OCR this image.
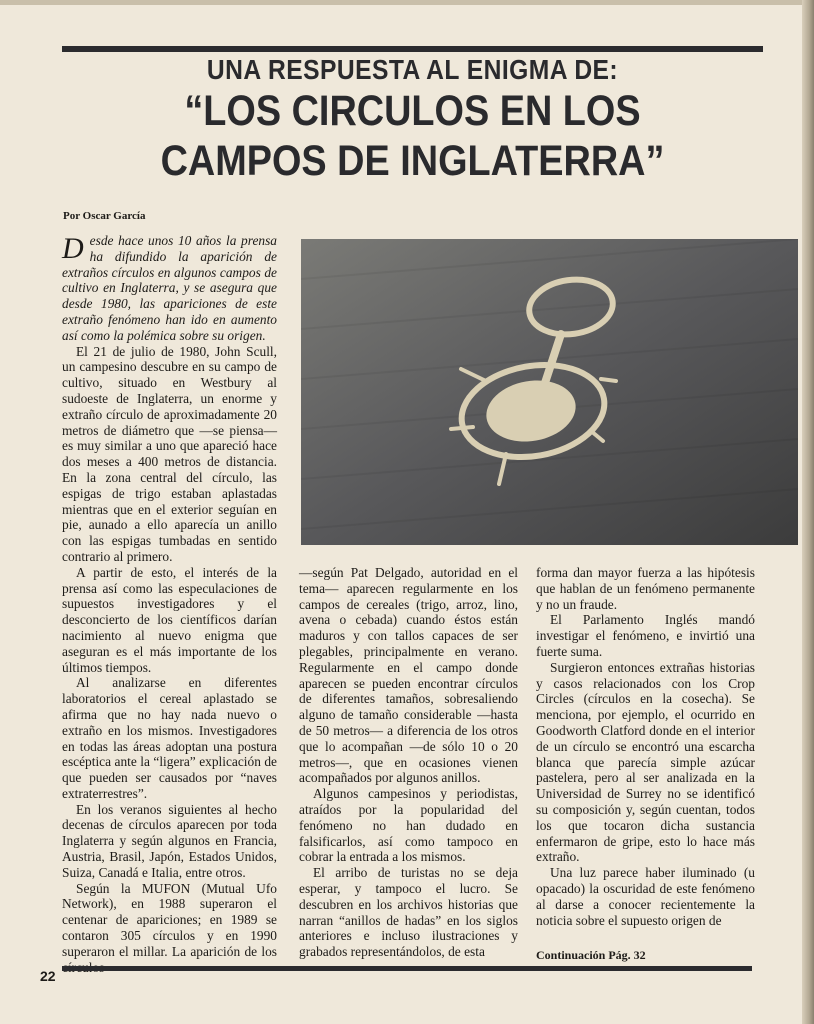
UNA RESPUESTA AL ENIGMA DE:
“LOS CIRCULOS EN LOS CAMPOS DE INGLATERRA”
Por Oscar García

Desde hace unos 10 años la prensa ha difundido la aparición de extraños círculos en algunos campos de cultivo en Inglaterra, y se asegura que desde 1980, las apariciones de este extraño fenómeno han ido en aumento así como la polémica sobre su origen.

El 21 de julio de 1980, John Scull, un campesino descubre en su campo de cultivo, situado en Westbury al sudoeste de Inglaterra, un enorme y extraño círculo de aproximadamente 20 metros de diámetro que —se piensa— es muy similar a uno que apareció hace dos meses a 400 metros de distancia. En la zona central del círculo, las espigas de trigo estaban aplastadas mientras que en el exterior seguían en pie, aunado a ello aparecía un anillo con las espigas tumbadas en sentido contrario al primero.

A partir de esto, el interés de la prensa así como las especulaciones de supuestos investigadores y el desconcierto de los científicos darían nacimiento al nuevo enigma que aseguran es el más importante de los últimos tiempos.

Al analizarse en diferentes laboratorios el cereal aplastado se afirma que no hay nada nuevo o extraño en los mismos. Investigadores en todas las áreas adoptan una postura escéptica ante la “ligera” explicación de que pueden ser causados por “naves extraterrestres”.

En los veranos siguientes al hecho decenas de círculos aparecen por toda Inglaterra y según algunos en Francia, Austria, Brasil, Japón, Estados Unidos, Suiza, Canadá e Italia, entre otros.

Según la MUFON (Mutual Ufo Network), en 1988 superaron el centenar de apariciones; en 1989 se contaron 305 círculos y en 1990 superaron el millar. La aparición de los

—según Pat Delgado, autoridad en el tema— aparecen regularmente en los campos de cereales (trigo, arroz, lino, avena o cebada) cuando éstos están maduros y con tallos capaces de ser plegables, principalmente en verano. Regularmente en el campo donde aparecen se pueden encontrar círculos de diferentes tamaños, sobresaliendo alguno de tamaño considerable —hasta de 50 metros— a diferencia de los otros que lo acompañan —de sólo 10 o 20 metros—, que en ocasiones vienen acompañados por algunos anillos.

Algunos campesinos y periodistas, atraídos por la popularidad del fenómeno no han dudado en falsificarlos, así como tampoco en cobrar la entrada a los mismos.

El arribo de turistas no se deja esperar, y tampoco el lucro. Se descubren en los archivos historias que narran “anillos de hadas” en los siglos anteriores e incluso ilustraciones y grabados representándolos, de esta

forma dan mayor fuerza a las hipótesis que hablan de un fenómeno permanente y no un fraude.

El Parlamento Inglés mandó investigar el fenómeno, e invirtió una fuerte suma.

Surgieron entonces extrañas historias y casos relacionados con los Crop Circles (círculos en la cosecha). Se menciona, por ejemplo, el ocurrido en Goodworth Clatford donde en el interior de un círculo se encontró una escarcha blanca que parecía simple azúcar pastelera, pero al ser analizada en la Universidad de Surrey no se identificó su composición y, según cuentan, todos los que tocaron dicha sustancia enfermaron de gripe, esto lo hace más extraño.

Una luz parece haber iluminado (u opacado) la oscuridad de este fenómeno al darse a conocer recientemente la noticia sobre el supuesto origen de

Continuación Pág. 32
22
